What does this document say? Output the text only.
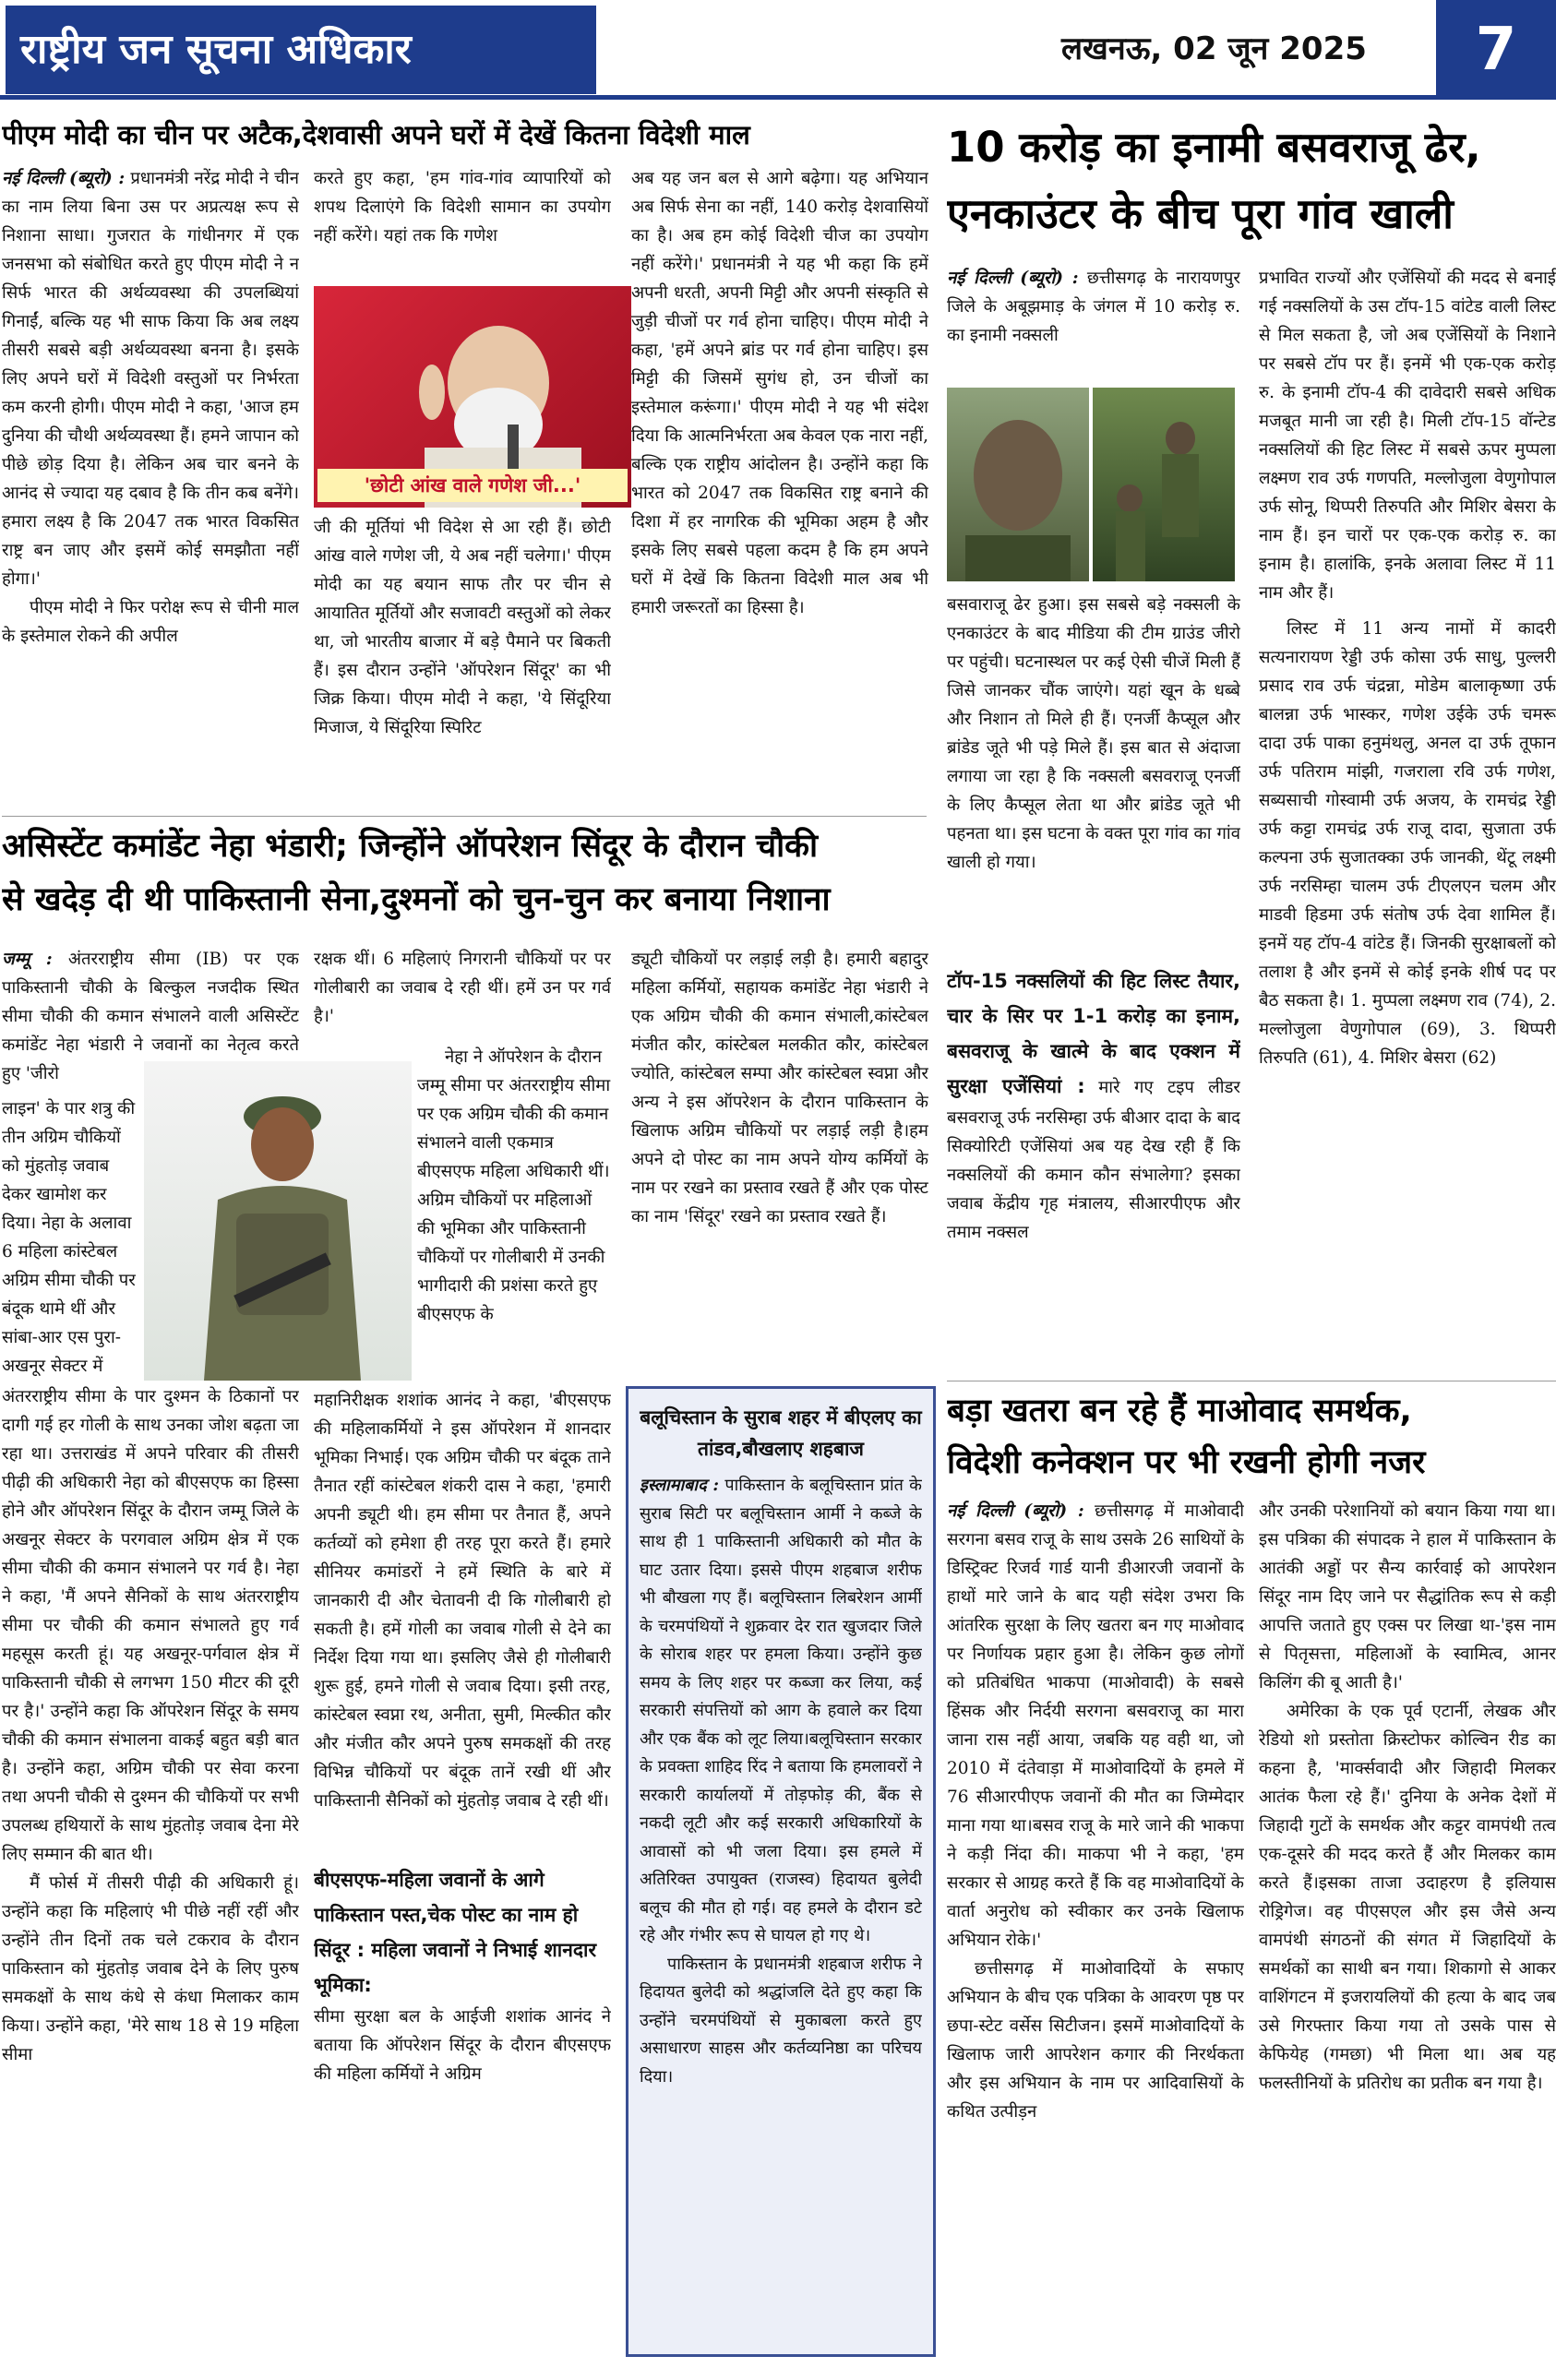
राष्ट्रीय जन सूचना अधिकार	लखनऊ, 02 जून 2025	7
पीएम मोदी का चीन पर अटैक,देशवासी अपने घरों में देखें कितना विदेशी माल

नई दिल्ली (ब्यूरो) : प्रधानमंत्री नरेंद्र मोदी ने चीन का नाम लिया बिना उस पर अप्रत्यक्ष रूप से निशाना साधा। गुजरात के गांधीनगर में एक जनसभा को संबोधित करते हुए पीएम मोदी ने न सिर्फ भारत की अर्थव्यवस्था की उपलब्धियां गिनाईं, बल्कि यह भी साफ किया कि अब लक्ष्य तीसरी सबसे बड़ी अर्थव्यवस्था बनना है। इसके लिए अपने घरों में विदेशी वस्तुओं पर निर्भरता कम करनी होगी। पीएम मोदी ने कहा, 'आज हम दुनिया की चौथी अर्थव्यवस्था हैं। हमने जापान को पीछे छोड़ दिया है। लेकिन अब चार बनने के आनंद से ज्यादा यह दबाव है कि तीन कब बनेंगे। हमारा लक्ष्य है कि 2047 तक भारत विकसित राष्ट्र बन जाए और इसमें कोई समझौता नहीं होगा।'

पीएम मोदी ने फिर परोक्ष रूप से चीनी माल के इस्तेमाल रोकने की अपील

करते हुए कहा, 'हम गांव-गांव व्यापारियों को शपथ दिलाएंगे कि विदेशी सामान का उपयोग नहीं करेंगे। यहां तक कि गणेश
'छोटी आंख वाले गणेश जी...'
जी की मूर्तियां भी विदेश से आ रही हैं। छोटी आंख वाले गणेश जी, ये अब नहीं चलेगा।' पीएम मोदी का यह बयान साफ तौर पर चीन से आयातित मूर्तियों और सजावटी वस्तुओं को लेकर था, जो भारतीय बाजार में बड़े पैमाने पर बिकती हैं। इस दौरान उन्होंने 'ऑपरेशन सिंदूर' का भी जिक्र किया। पीएम मोदी ने कहा, 'ये सिंदूरिया मिजाज, ये सिंदूरिया स्पिरिट
अब यह जन बल से आगे बढ़ेगा। यह अभियान अब सिर्फ सेना का नहीं, 140 करोड़ देशवासियों का है। अब हम कोई विदेशी चीज का उपयोग नहीं करेंगे।' प्रधानमंत्री ने यह भी कहा कि हमें अपनी धरती, अपनी मिट्टी और अपनी संस्कृति से जुड़ी चीजों पर गर्व होना चाहिए। पीएम मोदी ने कहा, 'हमें अपने ब्रांड पर गर्व होना चाहिए। इस मिट्टी की जिसमें सुगंध हो, उन चीजों का इस्तेमाल करूंगा।' पीएम मोदी ने यह भी संदेश दिया कि आत्मनिर्भरता अब केवल एक नारा नहीं, बल्कि एक राष्ट्रीय आंदोलन है। उन्होंने कहा कि भारत को 2047 तक विकसित राष्ट्र बनाने की दिशा में हर नागरिक की भूमिका अहम है और इसके लिए सबसे पहला कदम है कि हम अपने घरों में देखें कि कितना विदेशी माल अब भी हमारी जरूरतों का हिस्सा है।
असिस्टेंट कमांडेंट नेहा भंडारी; जिन्होंने ऑपरेशन सिंदूर के दौरान चौकी
से खदेड़ दी थी पाकिस्तानी सेना,दुश्मनों को चुन-चुन कर बनाया निशाना
जम्मू : अंतरराष्ट्रीय सीमा (IB) पर एक पाकिस्तानी चौकी के बिल्कुल नजदीक स्थित सीमा चौकी की कमान संभालने वाली असिस्टेंट कमांडेंट नेहा भंडारी ने जवानों का नेतृत्व करते हुए 'जीरो
लाइन' के पार शत्रु की तीन अग्रिम चौकियों को मुंहतोड़ जवाब देकर खामोश कर दिया। नेहा के अलावा 6 महिला कांस्टेबल अग्रिम सीमा चौकी पर बंदूक थामे थीं और सांबा-आर एस पुरा-अखनूर सेक्टर में

अंतरराष्ट्रीय सीमा के पार दुश्मन के ठिकानों पर दागी गई हर गोली के साथ उनका जोश बढ़ता जा रहा था। उत्तराखंड में अपने परिवार की तीसरी पीढ़ी की अधिकारी नेहा को बीएसएफ का हिस्सा होने और ऑपरेशन सिंदूर के दौरान जम्मू जिले के अखनूर सेक्टर के परगवाल अग्रिम क्षेत्र में एक सीमा चौकी की कमान संभालने पर गर्व है। नेहा ने कहा, 'मैं अपने सैनिकों के साथ अंतरराष्ट्रीय सीमा पर चौकी की कमान संभालते हुए गर्व महसूस करती हूं। यह अखनूर-पर्गवाल क्षेत्र में पाकिस्तानी चौकी से लगभग 150 मीटर की दूरी पर है।' उन्होंने कहा कि ऑपरेशन सिंदूर के समय चौकी की कमान संभालना वाकई बहुत बड़ी बात है। उन्होंने कहा, अग्रिम चौकी पर सेवा करना तथा अपनी चौकी से दुश्मन की चौकियों पर सभी उपलब्ध हथियारों के साथ मुंहतोड़ जवाब देना मेरे लिए सम्मान की बात थी।

मैं फोर्स में तीसरी पीढ़ी की अधिकारी हूं। उन्होंने कहा कि महिलाएं भी पीछे नहीं रहीं और उन्होंने तीन दिनों तक चले टकराव के दौरान पाकिस्तान को मुंहतोड़ जवाब देने के लिए पुरुष समकक्षों के साथ कंधे से कंधा मिलाकर काम किया। उन्होंने कहा, 'मेरे साथ 18 से 19 महिला सीमा

रक्षक थीं। 6 महिलाएं निगरानी चौकियों पर पर गोलीबारी का जवाब दे रही थीं। हमें उन पर गर्व है।'

नेहा ने ऑपरेशन के दौरान जम्मू सीमा पर अंतरराष्ट्रीय सीमा पर एक अग्रिम चौकी की कमान संभालने वाली एकमात्र बीएसएफ महिला अधिकारी थीं। अग्रिम चौकियों पर महिलाओं की भूमिका और पाकिस्तानी चौकियों पर गोलीबारी में उनकी भागीदारी की प्रशंसा करते हुए बीएसएफ के

महानिरीक्षक शशांक आनंद ने कहा, 'बीएसएफ की महिलाकर्मियों ने इस ऑपरेशन में शानदार भूमिका निभाई। एक अग्रिम चौकी पर बंदूक ताने तैनात रहीं कांस्टेबल शंकरी दास ने कहा, 'हमारी अपनी ड्यूटी थी। हम सीमा पर तैनात हैं, अपने कर्तव्यों को हमेशा ही तरह पूरा करते हैं। हमारे सीनियर कमांडरों ने हमें स्थिति के बारे में जानकारी दी और चेतावनी दी कि गोलीबारी हो सकती है। हमें गोली का जवाब गोली से देने का निर्देश दिया गया था। इसलिए जैसे ही गोलीबारी शुरू हुई, हमने गोली से जवाब दिया। इसी तरह, कांस्टेबल स्वप्ना रथ, अनीता, सुमी, मिल्कीत कौर और मंजीत कौर अपने पुरुष समकक्षों की तरह विभिन्न चौकियों पर बंदूक तानें रखी थीं और पाकिस्तानी सैनिकों को मुंहतोड़ जवाब दे रही थीं।
बीएसएफ-महिला जवानों के आगे पाकिस्तान पस्त,चेक पोस्ट का नाम हो सिंदूर : महिला जवानों ने निभाई शानदार भूमिका:
सीमा सुरक्षा बल के आईजी शशांक आनंद ने बताया कि ऑपरेशन सिंदूर के दौरान बीएसएफ की महिला कर्मियों ने अग्रिम
ड्यूटी चौकियों पर लड़ाई लड़ी है। हमारी बहादुर महिला कर्मियों, सहायक कमांडेंट नेहा भंडारी ने एक अग्रिम चौकी की कमान संभाली,कांस्टेबल मंजीत कौर, कांस्टेबल मलकीत कौर, कांस्टेबल ज्योति, कांस्टेबल सम्पा और कांस्टेबल स्वप्ना और अन्य ने इस ऑपरेशन के दौरान पाकिस्तान के खिलाफ अग्रिम चौकियों पर लड़ाई लड़ी है।हम अपने दो पोस्ट का नाम अपने योग्य कर्मियों के नाम पर रखने का प्रस्ताव रखते हैं और एक पोस्ट का नाम 'सिंदूर' रखने का प्रस्ताव रखते हैं।
बलूचिस्तान के सुराब शहर में बीएलए का तांडव,बौखलाए शहबाज

इस्लामाबाद : पाकिस्तान के बलूचिस्तान प्रांत के सुराब सिटी पर बलूचिस्तान आर्मी ने कब्जे के साथ ही 1 पाकिस्तानी अधिकारी को मौत के घाट उतार दिया। इससे पीएम शहबाज शरीफ भी बौखला गए हैं। बलूचिस्तान लिबरेशन आर्मी के चरमपंथियों ने शुक्रवार देर रात खुजदार जिले के सोराब शहर पर हमला किया। उन्होंने कुछ समय के लिए शहर पर कब्जा कर लिया, कई सरकारी संपत्तियों को आग के हवाले कर दिया और एक बैंक को लूट लिया।बलूचिस्तान सरकार के प्रवक्ता शाहिद रिंद ने बताया कि हमलावरों ने सरकारी कार्यालयों में तोड़फोड़ की, बैंक से नकदी लूटी और कई सरकारी अधिकारियों के आवासों को भी जला दिया। इस हमले में अतिरिक्त उपायुक्त (राजस्व) हिदायत बुलेदी बलूच की मौत हो गई। वह हमले के दौरान डटे रहे और गंभीर रूप से घायल हो गए थे।

पाकिस्तान के प्रधानमंत्री शहबाज शरीफ ने हिदायत बुलेदी को श्रद्धांजलि देते हुए कहा कि उन्होंने चरमपंथियों से मुकाबला करते हुए असाधारण साहस और कर्तव्यनिष्ठा का परिचय दिया।

10 करोड़ का इनामी बसवराजू ढेर,
एनकाउंटर के बीच पूरा गांव खाली
नई दिल्ली (ब्यूरो) : छत्तीसगढ़ के नारायणपुर जिले के अबूझमाड़ के जंगल में 10 करोड़ रु. का इनामी नक्सली
बसवाराजू ढेर हुआ। इस सबसे बड़े नक्सली के एनकाउंटर के बाद मीडिया की टीम ग्राउंड जीरो पर पहुंची। घटनास्थल पर कई ऐसी चीजें मिली हैं जिसे जानकर चौंक जाएंगे। यहां खून के धब्बे और निशान तो मिले ही हैं। एनर्जी कैप्सूल और ब्रांडेड जूते भी पड़े मिले हैं। इस बात से अंदाजा लगाया जा रहा है कि नक्सली बसवराजू एनर्जी के लिए कैप्सूल लेता था और ब्रांडेड जूते भी पहनता था। इस घटना के वक्त पूरा गांव का गांव खाली हो गया।
टॉप-15 नक्सलियों की हिट लिस्ट तैयार, चार के सिर पर 1-1 करोड़ का इनाम, बसवराजू के खात्मे के बाद एक्शन में सुरक्षा एजेंसियां : मारे गए टइप लीडर बसवराजू उर्फ नरसिम्हा उर्फ बीआर दादा के बाद सिक्योरिटी एजेंसियां अब यह देख रही हैं कि नक्सलियों की कमान कौन संभालेगा? इसका जवाब केंद्रीय गृह मंत्रालय, सीआरपीएफ और तमाम नक्सल

प्रभावित राज्यों और एजेंसियों की मदद से बनाई गई नक्सलियों के उस टॉप-15 वांटेड वाली लिस्ट से मिल सकता है, जो अब एजेंसियों के निशाने पर सबसे टॉप पर हैं। इनमें भी एक-एक करोड़ रु. के इनामी टॉप-4 की दावेदारी सबसे अधिक मजबूत मानी जा रही है। मिली टॉप-15 वॉन्टेड नक्सलियों की हिट लिस्ट में सबसे ऊपर मुप्पला लक्ष्मण राव उर्फ गणपति, मल्लोजुला वेणुगोपाल उर्फ सोनू, थिप्परी तिरुपति और मिशिर बेसरा के नाम हैं। इन चारों पर एक-एक करोड़ रु. का इनाम है। हालांकि, इनके अलावा लिस्ट में 11 नाम और हैं।

लिस्ट में 11 अन्य नामों में कादरी सत्यनारायण रेड्डी उर्फ कोसा उर्फ साधु, पुल्लरी प्रसाद राव उर्फ चंद्रन्ना, मोडेम बालाकृष्णा उर्फ बालन्ना उर्फ भास्कर, गणेश उईके उर्फ चमरू दादा उर्फ पाका हनुमंथलु, अनल दा उर्फ तूफान उर्फ पतिराम मांझी, गजराला रवि उर्फ गणेश, सब्यसाची गोस्वामी उर्फ अजय, के रामचंद्र रेड्डी उर्फ कट्टा रामचंद्र उर्फ राजू दादा, सुजाता उर्फ कल्पना उर्फ सुजातक्का उर्फ जानकी, थेंटू लक्ष्मी उर्फ नरसिम्हा चालम उर्फ टीएलएन चलम और माडवी हिडमा उर्फ संतोष उर्फ देवा शामिल हैं। इनमें यह टॉप-4 वांटेड हैं। जिनकी सुरक्षाबलों को तलाश है और इनमें से कोई इनके शीर्ष पद पर बैठ सकता है। 1. मुप्पला लक्ष्मण राव (74), 2. मल्लोजुला वेणुगोपाल (69), 3. थिप्परी तिरुपति (61), 4. मिशिर बेसरा (62)

बड़ा खतरा बन रहे हैं माओवाद समर्थक,
विदेशी कनेक्शन पर भी रखनी होगी नजर

नई दिल्ली (ब्यूरो) : छत्तीसगढ़ में माओवादी सरगना बसव राजू के साथ उसके 26 साथियों के डिस्ट्रिक्ट रिजर्व गार्ड यानी डीआरजी जवानों के हाथों मारे जाने के बाद यही संदेश उभरा कि आंतरिक सुरक्षा के लिए खतरा बन गए माओवाद पर निर्णायक प्रहार हुआ है। लेकिन कुछ लोगों को प्रतिबंधित भाकपा (माओवादी) के सबसे हिंसक और निर्दयी सरगना बसवराजू का मारा जाना रास नहीं आया, जबकि यह वही था, जो 2010 में दंतेवाड़ा में माओवादियों के हमले में 76 सीआरपीएफ जवानों की मौत का जिम्मेदार माना गया था।बसव राजू के मारे जाने की भाकपा ने कड़ी निंदा की। माकपा भी ने कहा, 'हम सरकार से आग्रह करते हैं कि वह माओवादियों के वार्ता अनुरोध को स्वीकार कर उनके खिलाफ अभियान रोके।'

छत्तीसगढ़ में माओवादियों के सफाए अभियान के बीच एक पत्रिका के आवरण पृष्ठ पर छपा-स्टेट वर्सेस सिटीजन। इसमें माओवादियों के खिलाफ जारी आपरेशन कगार की निरर्थकता और इस अभियान के नाम पर आदिवासियों के कथित उत्पीड़न

और उनकी परेशानियों को बयान किया गया था। इस पत्रिका की संपादक ने हाल में पाकिस्तान के आतंकी अड्डों पर सैन्य कार्रवाई को आपरेशन सिंदूर नाम दिए जाने पर सैद्धांतिक रूप से कड़ी आपत्ति जताते हुए एक्स पर लिखा था-'इस नाम से पितृसत्ता, महिलाओं के स्वामित्व, आनर किलिंग की बू आती है।'

अमेरिका के एक पूर्व एटार्नी, लेखक और रेडियो शो प्रस्तोता क्रिस्टोफर कोल्विन रीड का कहना है, 'मार्क्सवादी और जिहादी मिलकर आतंक फैला रहे हैं।' दुनिया के अनेक देशों में जिहादी गुटों के समर्थक और कट्टर वामपंथी तत्व एक-दूसरे की मदद करते हैं और मिलकर काम करते हैं।इसका ताजा उदाहरण है इलियास रोड्रिगेज। वह पीएसएल और इस जैसे अन्य वामपंथी संगठनों की संगत में जिहादियों के समर्थकों का साथी बन गया। शिकागो से आकर वाशिंगटन में इजरायलियों की हत्या के बाद जब उसे गिरफ्तार किया गया तो उसके पास से केफियेह (गमछा) भी मिला था। अब यह फलस्तीनियों के प्रतिरोध का प्रतीक बन गया है।
